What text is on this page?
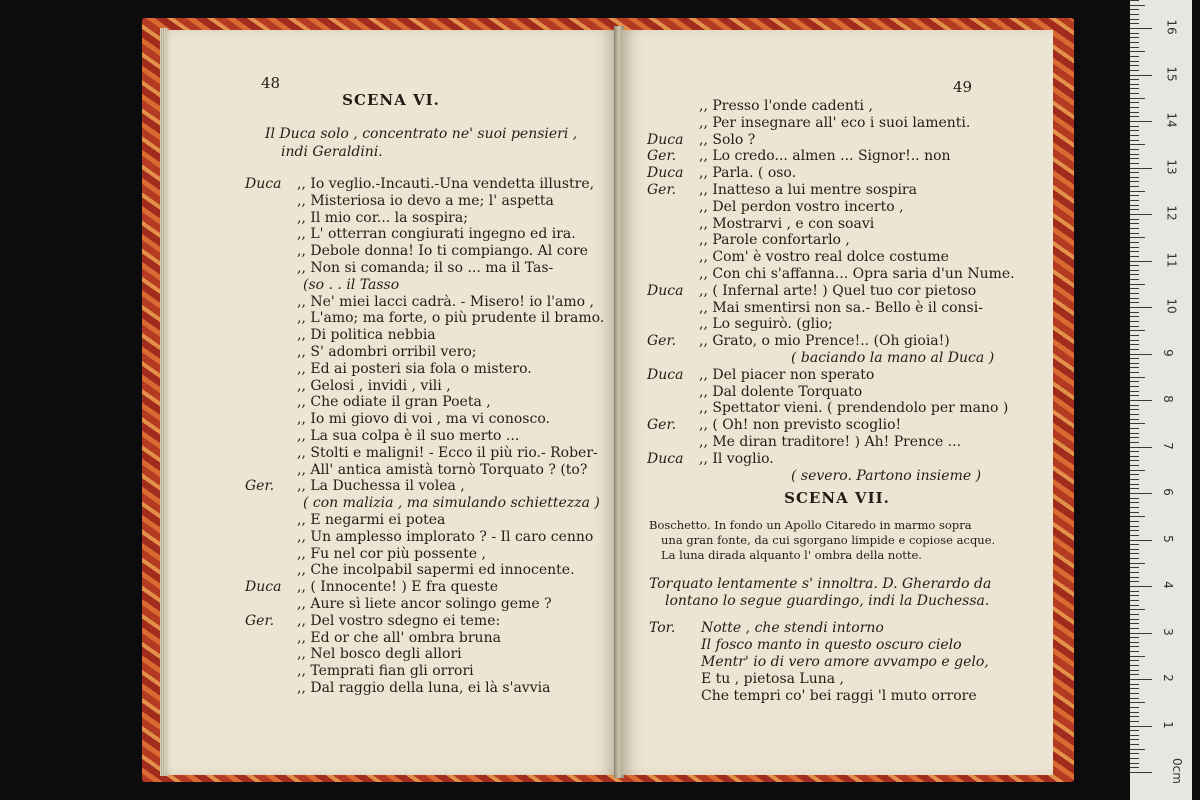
48
SCENA VI.
Il Duca solo , concentrato ne' suoi pensieri ,
indi Geraldini.
Duca ,, Io veglio.-Incauti.-Una vendetta illustre,
,, Misteriosa io devo a me; l' aspetta
,, Il mio cor... la sospira;
,, L' otterran congiurati ingegno ed ira.
,, Debole donna! Io ti compiango. Al core
,, Non si comanda; il so ... ma il Tas-
(so . . il Tasso
,, Ne' miei lacci cadrà. - Misero! io l'amo ,
,, L'amo; ma forte, o più prudente il bramo.
,, Di politica nebbia
,, S' adombri orribil vero;
,, Ed ai posteri sia fola o mistero.
,, Gelosi , invidi , vili ,
,, Che odiate il gran Poeta ,
,, Io mi giovo di voi , ma vi conosco.
,, La sua colpa è il suo merto ...
,, Stolti e maligni! - Ecco il più rio.- Rober-
,, All' antica amistà tornò Torquato ? (to?
Ger. ,, La Duchessa il volea ,
( con malizia , ma simulando schiettezza )
,, E negarmi ei potea
,, Un amplesso implorato ? - Il caro cenno
,, Fu nel cor più possente ,
,, Che incolpabil sapermi ed innocente.
Duca ,, ( Innocente! ) E fra queste
,, Aure sì liete ancor solingo geme ?
Ger. ,, Del vostro sdegno ei teme:
,, Ed or che all' ombra bruna
,, Nel bosco degli allori
,, Temprati fian gli orrori
,, Dal raggio della luna, ei là s'avvia
49
,, Presso l'onde cadenti ,
,, Per insegnare all' eco i suoi lamenti.
Duca ,, Solo ?
Ger. ,, Lo credo... almen ... Signor!.. non
Duca ,, Parla. ( oso.
Ger. ,, Inatteso a lui mentre sospira
,, Del perdon vostro incerto ,
,, Mostrarvi , e con soavi
,, Parole confortarlo ,
,, Com' è vostro real dolce costume
,, Con chi s'affanna... Opra saria d'un Nume.
Duca ,, ( Infernal arte! ) Quel tuo cor pietoso
,, Mai smentirsi non sa.- Bello è il consi-
,, Lo seguirò. (glio;
Ger. ,, Grato, o mio Prence!.. (Oh gioia!)
( baciando la mano al Duca )
Duca ,, Del piacer non sperato
,, Dal dolente Torquato
,, Spettator vieni. ( prendendolo per mano )
Ger. ,, ( Oh! non previsto scoglio!
,, Me diran traditore! ) Ah! Prence ...
Duca ,, Il voglio.
( severo. Partono insieme )
SCENA VII.
Boschetto. In fondo un Apollo Citaredo in marmo sopra
una gran fonte, da cui sgorgano limpide e copiose acque.
La luna dirada alquanto l' ombra della notte.
Torquato lentamente s' innoltra. D. Gherardo da
lontano lo segue guardingo, indi la Duchessa.
Tor. Notte , che stendi intorno
Il fosco manto in questo oscuro cielo
Mentr' io di vero amore avvampo e gelo,
E tu , pietosa Luna ,
Che tempri co' bei raggi 'l muto orrore
0cm
1
2
3
4
5
6
7
8
9
10
11
12
13
14
15
16
